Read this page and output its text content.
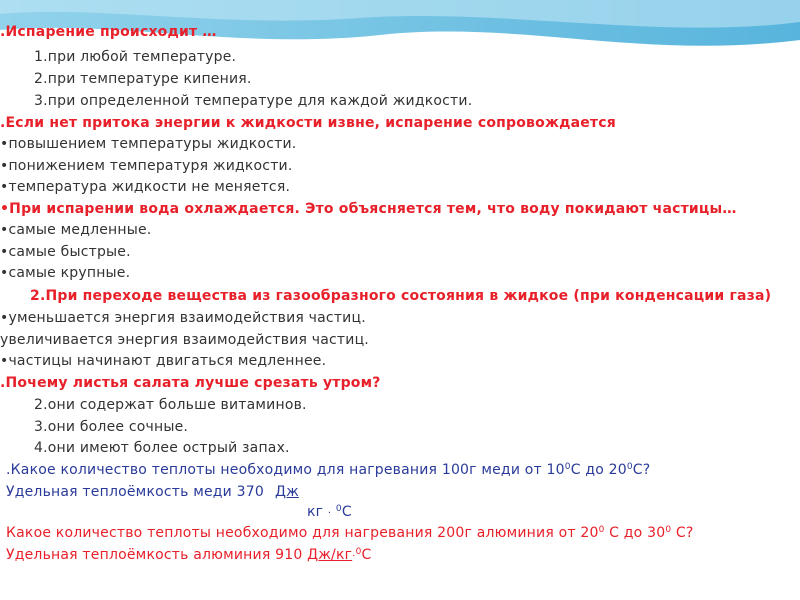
.Испарение происходит …
1.при любой температуре.
2.при температуре кипения.
3.при определенной температуре для каждой жидкости.
.Если нет притока энергии к жидкости извне, испарение сопровождается
•повышением температуры жидкости.
•понижением температуря жидкости.
•температура жидкости не меняется.
•При испарении вода охлаждается. Это объясняется тем, что воду покидают частицы…
•самые медленные.
•самые быстрые.
•самые крупные.
2.При переходе вещества из газообразного состояния в жидкое (при конденсации газа)
•уменьшается энергия взаимодействия частиц.
увеличивается энергия взаимодействия частиц.
•частицы начинают двигаться медленнее.
.Почему листья салата лучше срезать утром?
2.они содержат больше витаминов.
3.они более сочные.
4.они имеют более острый запах.
.Какое количество теплоты необходимо для нагревания 100г меди от $10^0C$ до $20^0C$?
Удельная теплоёмкость меди 370 Дж
кг · $^0$C
Какое количество теплоты необходимо для нагревания 200г алюминия от $20^0$ C до $30^0$ C?
Удельная теплоёмкость алюминия 910 Дж/кг·$^0$C
